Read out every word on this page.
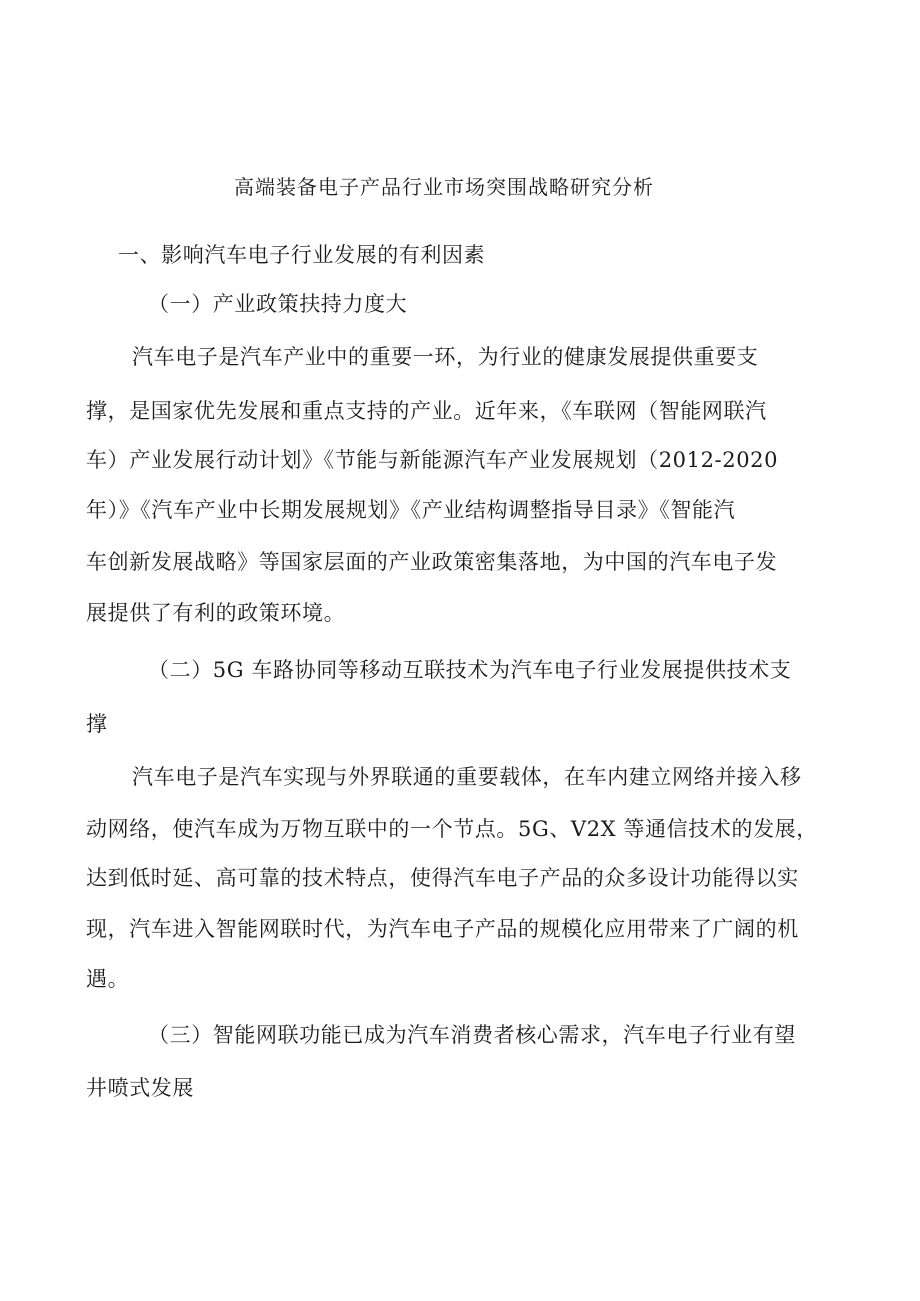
高端装备电子产品行业市场突围战略研究分析

一、影响汽车电子行业发展的有利因素

（一）产业政策扶持力度大

汽车电子是汽车产业中的重要一环，为行业的健康发展提供重要支

撑，是国家优先发展和重点支持的产业。近年来，《车联网（智能网联汽

车）产业发展行动计划》《节能与新能源汽车产业发展规划（2012-2020

年）》《汽车产业中长期发展规划》《产业结构调整指导目录》《智能汽

车创新发展战略》等国家层面的产业政策密集落地，为中国的汽车电子发

展提供了有利的政策环境。

（二）5G 车路协同等移动互联技术为汽车电子行业发展提供技术支

撑

汽车电子是汽车实现与外界联通的重要载体，在车内建立网络并接入移

动网络，使汽车成为万物互联中的一个节点。5G、V2X 等通信技术的发展，

达到低时延、高可靠的技术特点，使得汽车电子产品的众多设计功能得以实

现，汽车进入智能网联时代，为汽车电子产品的规模化应用带来了广阔的机

遇。

（三）智能网联功能已成为汽车消费者核心需求，汽车电子行业有望

井喷式发展
